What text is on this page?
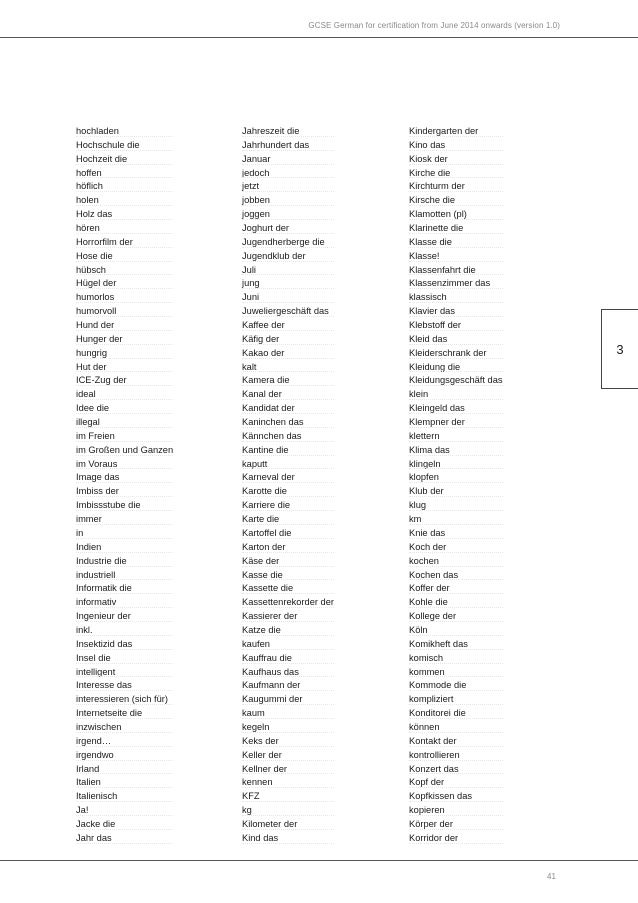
GCSE German for certification from June 2014 onwards (version 1.0)
hochladen
Hochschule die
Hochzeit die
hoffen
höflich
holen
Holz das
hören
Horrorfilm der
Hose die
hübsch
Hügel der
humorlos
humorvoll
Hund der
Hunger der
hungrig
Hut der
ICE-Zug der
ideal
Idee die
illegal
im Freien
im Großen und Ganzen
im Voraus
Image das
Imbiss der
Imbissstube die
immer
in
Indien
Industrie die
industriell
Informatik die
informativ
Ingenieur der
inkl.
Insektizid das
Insel die
intelligent
Interesse das
interessieren (sich für)
Internetseite die
inzwischen
irgend…
irgendwo
Irland
Italien
Italienisch
Ja!
Jacke die
Jahr das
Jahreszeit die
Jahrhundert das
Januar
jedoch
jetzt
jobben
joggen
Joghurt der
Jugendherberge die
Jugendklub der
Juli
jung
Juni
Juweliergeschäft das
Kaffee der
Käfig der
Kakao der
kalt
Kamera die
Kanal der
Kandidat der
Kaninchen das
Kännchen das
Kantine die
kaputt
Karneval der
Karotte die
Karriere die
Karte die
Kartoffel die
Karton der
Käse der
Kasse die
Kassette die
Kassettenrekorder der
Kassierer der
Katze die
kaufen
Kauffrau die
Kaufhaus das
Kaufmann der
Kaugummi der
kaum
kegeln
Keks der
Keller der
Kellner der
kennen
KFZ
kg
Kilometer der
Kind das
Kindergarten der
Kino das
Kiosk der
Kirche die
Kirchturm der
Kirsche die
Klamotten (pl)
Klarinette die
Klasse die
Klasse!
Klassenfahrt die
Klassenzimmer das
klassisch
Klavier das
Klebstoff der
Kleid das
Kleiderschrank der
Kleidung die
Kleidungsgeschäft das
klein
Kleingeld das
Klempner der
klettern
Klima das
klingeln
klopfen
Klub der
klug
km
Knie das
Koch der
kochen
Kochen das
Koffer der
Kohle die
Kollege der
Köln
Komikheft das
komisch
kommen
Kommode die
kompliziert
Konditorei die
können
Kontakt der
kontrollieren
Konzert das
Kopf der
Kopfkissen das
kopieren
Körper der
Korridor der
3
41
